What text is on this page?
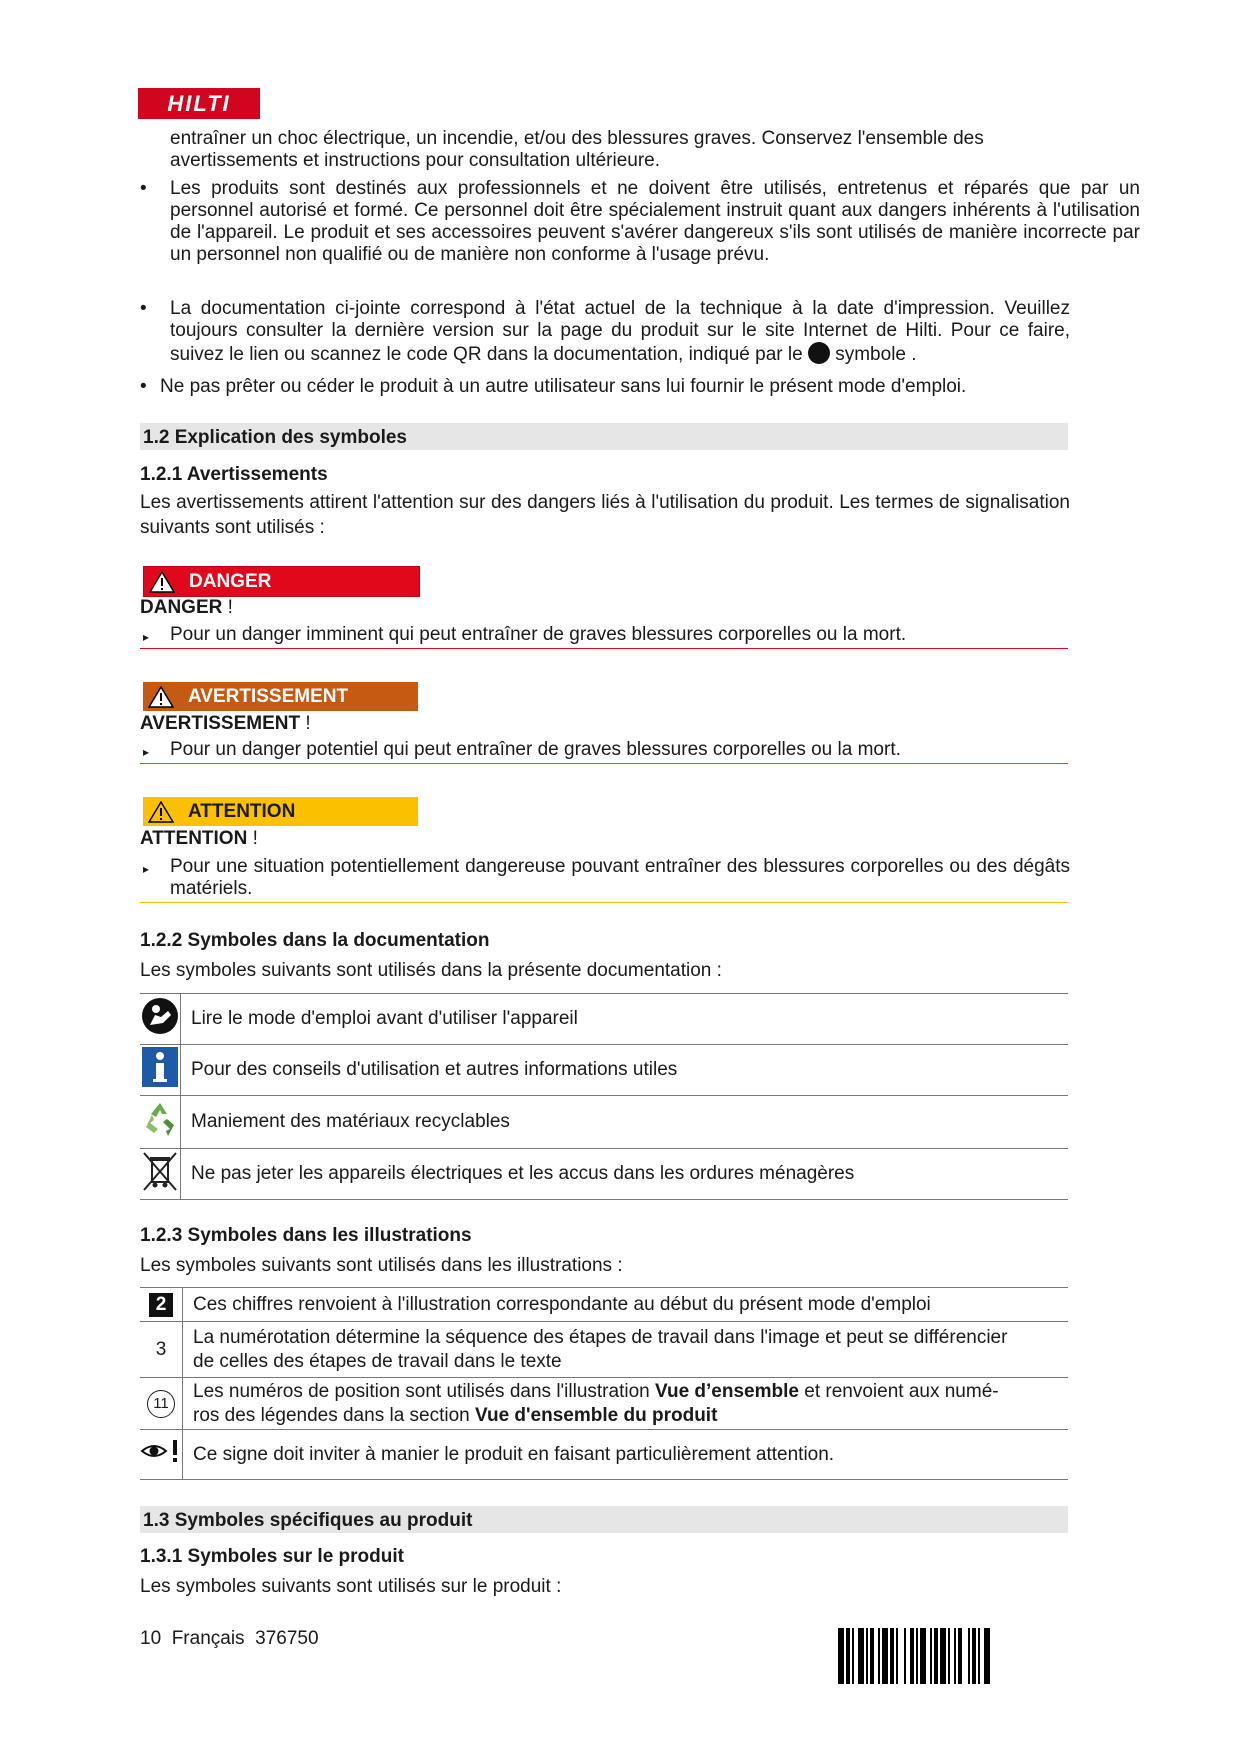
HILTI
entraîner un choc électrique, un incendie, et/ou des blessures graves. Conservez l'ensemble des
avertissements et instructions pour consultation ultérieure.
• Les produits sont destinés aux professionnels et ne doivent être utilisés, entretenus et réparés que par un personnel autorisé et formé. Ce personnel doit être spécialement instruit quant aux dangers inhérents à l'utilisation de l'appareil. Le produit et ses accessoires peuvent s'avérer dangereux s'ils sont utilisés de manière incorrecte par un personnel non qualifié ou de manière non conforme à l'usage prévu.
• La documentation ci-jointe correspond à l'état actuel de la technique à la date d'impression. Veuillez toujours consulter la dernière version sur la page du produit sur le site Internet de Hilti. Pour ce faire, suivez le lien ou scannez le code QR dans la documentation, indiqué par le symbole .
• Ne pas prêter ou céder le produit à un autre utilisateur sans lui fournir le présent mode d'emploi.
1.2 Explication des symboles
1.2.1 Avertissements
Les avertissements attirent l'attention sur des dangers liés à l'utilisation du produit. Les termes de signalisation suivants sont utilisés :
DANGER
DANGER !
▸ Pour un danger imminent qui peut entraîner de graves blessures corporelles ou la mort.
AVERTISSEMENT
AVERTISSEMENT !
▸ Pour un danger potentiel qui peut entraîner de graves blessures corporelles ou la mort.
ATTENTION
ATTENTION !
▸ Pour une situation potentiellement dangereuse pouvant entraîner des blessures corporelles ou des dégâts matériels.
1.2.2 Symboles dans la documentation
Les symboles suivants sont utilisés dans la présente documentation :
	Lire le mode d'emploi avant d'utiliser l'appareil
	Pour des conseils d'utilisation et autres informations utiles
	Maniement des matériaux recyclables
	Ne pas jeter les appareils électriques et les accus dans les ordures ménagères
1.2.3 Symboles dans les illustrations
Les symboles suivants sont utilisés dans les illustrations :
2	Ces chiffres renvoient à l'illustration correspondante au début du présent mode d'emploi
3	La numérotation détermine la séquence des étapes de travail dans l'image et peut se différencier
de celles des étapes de travail dans le texte

11	Les numéros de position sont utilisés dans l'illustration Vue d’ensemble et renvoient aux numé-
ros des légendes dans la section Vue d'ensemble du produit

	Ce signe doit inviter à manier le produit en faisant particulièrement attention.
1.3 Symboles spécifiques au produit
1.3.1 Symboles sur le produit
Les symboles suivants sont utilisés sur le produit :
10 Français 376750
